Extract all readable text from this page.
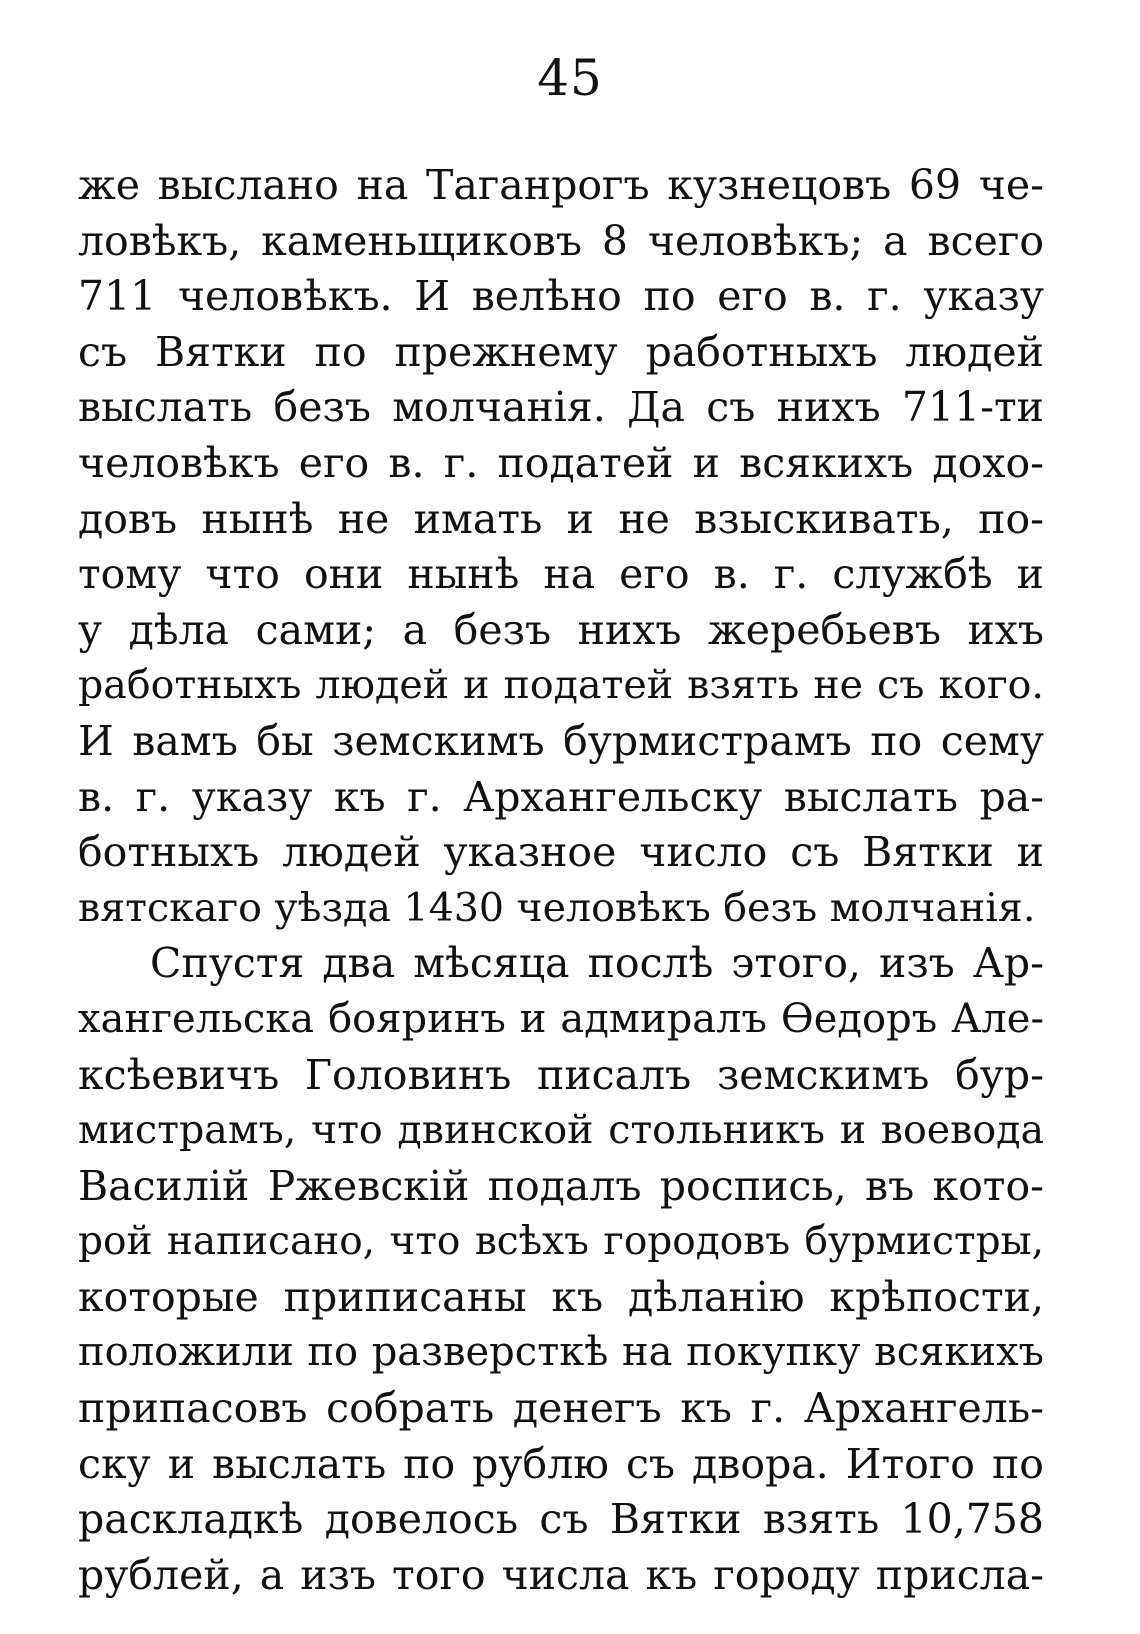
45
же выслано на Таганрогъ кузнецовъ 69 че-
ловѣкъ, каменьщиковъ 8 человѣкъ; а всего
711 человѣкъ. И велѣно по его в. г. указу
съ Вятки по прежнему работныхъ людей
выслать безъ молчанія. Да съ нихъ 711-ти
человѣкъ его в. г. податей и всякихъ дохо-
довъ нынѣ не имать и не взыскивать, по-
тому что они нынѣ на его в. г. службѣ и
у дѣла сами; а безъ нихъ жеребьевъ ихъ
работныхъ людей и податей взять не съ кого.
И вамъ бы земскимъ бурмистрамъ по сему
в. г. указу къ г. Архангельску выслать ра-
ботныхъ людей указное число съ Вятки и
вятскаго уѣзда 1430 человѣкъ безъ молчанія.
Спустя два мѣсяца послѣ этого, изъ Ар-
хангельска бояринъ и адмиралъ Ѳедоръ Але-
ксѣевичъ Головинъ писалъ земскимъ бур-
мистрамъ, что двинской стольникъ и воевода
Василій Ржевскій подалъ роспись, въ кото-
рой написано, что всѣхъ городовъ бурмистры,
которые приписаны къ дѣланію крѣпости,
положили по разверсткѣ на покупку всякихъ
припасовъ собрать денегъ къ г. Архангель-
ску и выслать по рублю съ двора. Итого по
раскладкѣ довелось съ Вятки взять 10,758
рублей, а изъ того числа къ городу присла-
